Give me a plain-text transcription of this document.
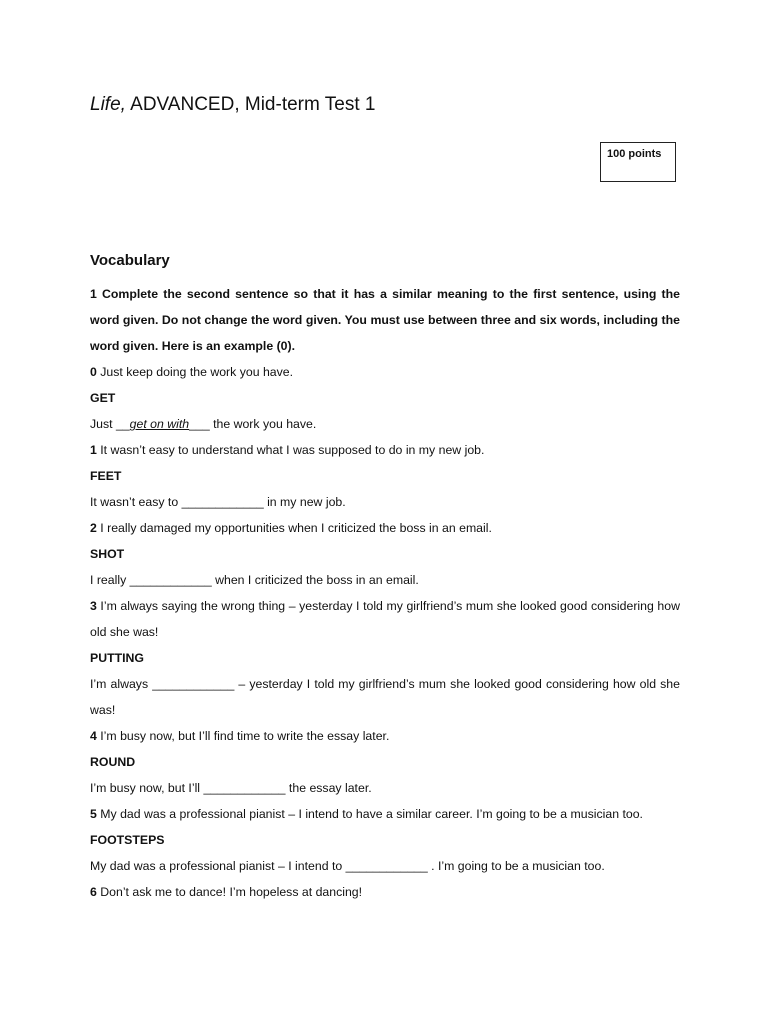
Life, ADVANCED, Mid-term Test 1
100 points
Vocabulary

1 Complete the second sentence so that it has a similar meaning to the first sentence, using the word given. Do not change the word given. You must use between three and six words, including the word given. Here is an example (0).

0 Just keep doing the work you have.

GET

Just __get on with___ the work you have.

1 It wasn’t easy to understand what I was supposed to do in my new job.

FEET

It wasn’t easy to ____________ in my new job.

2 I really damaged my opportunities when I criticized the boss in an email.

SHOT

I really ____________ when I criticized the boss in an email.

3 I’m always saying the wrong thing – yesterday I told my girlfriend’s mum she looked good considering how old she was!

PUTTING

I’m always ____________ – yesterday I told my girlfriend’s mum she looked good considering how old she was!

4 I’m busy now, but I’ll find time to write the essay later.

ROUND

I’m busy now, but I’ll ____________ the essay later.

5 My dad was a professional pianist – I intend to have a similar career. I’m going to be a musician too.

FOOTSTEPS

My dad was a professional pianist – I intend to ____________ . I’m going to be a musician too.

6 Don’t ask me to dance! I’m hopeless at dancing!
